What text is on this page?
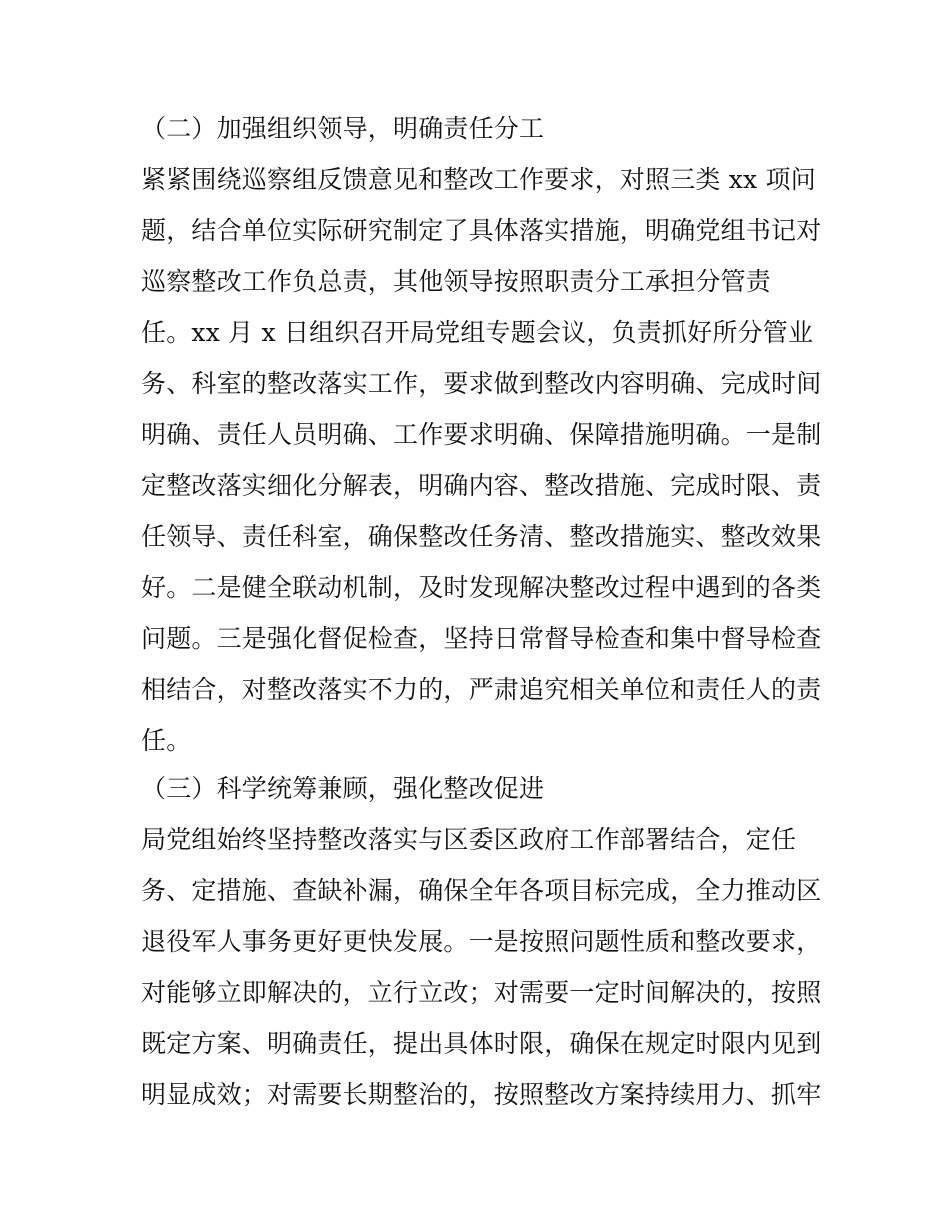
（二）加强组织领导，明确责任分工

紧紧围绕巡察组反馈意见和整改工作要求，对照三类 xx 项问

题，结合单位实际研究制定了具体落实措施，明确党组书记对

巡察整改工作负总责，其他领导按照职责分工承担分管责

任。xx 月 x 日组织召开局党组专题会议，负责抓好所分管业

务、科室的整改落实工作，要求做到整改内容明确、完成时间

明确、责任人员明确、工作要求明确、保障措施明确。一是制

定整改落实细化分解表，明确内容、整改措施、完成时限、责

任领导、责任科室，确保整改任务清、整改措施实、整改效果

好。二是健全联动机制，及时发现解决整改过程中遇到的各类

问题。三是强化督促检查，坚持日常督导检查和集中督导检查

相结合，对整改落实不力的，严肃追究相关单位和责任人的责

任。

（三）科学统筹兼顾，强化整改促进

局党组始终坚持整改落实与区委区政府工作部署结合，定任

务、定措施、查缺补漏，确保全年各项目标完成，全力推动区

退役军人事务更好更快发展。一是按照问题性质和整改要求，

对能够立即解决的，立行立改；对需要一定时间解决的，按照

既定方案、明确责任，提出具体时限，确保在规定时限内见到

明显成效；对需要长期整治的，按照整改方案持续用力、抓牢
